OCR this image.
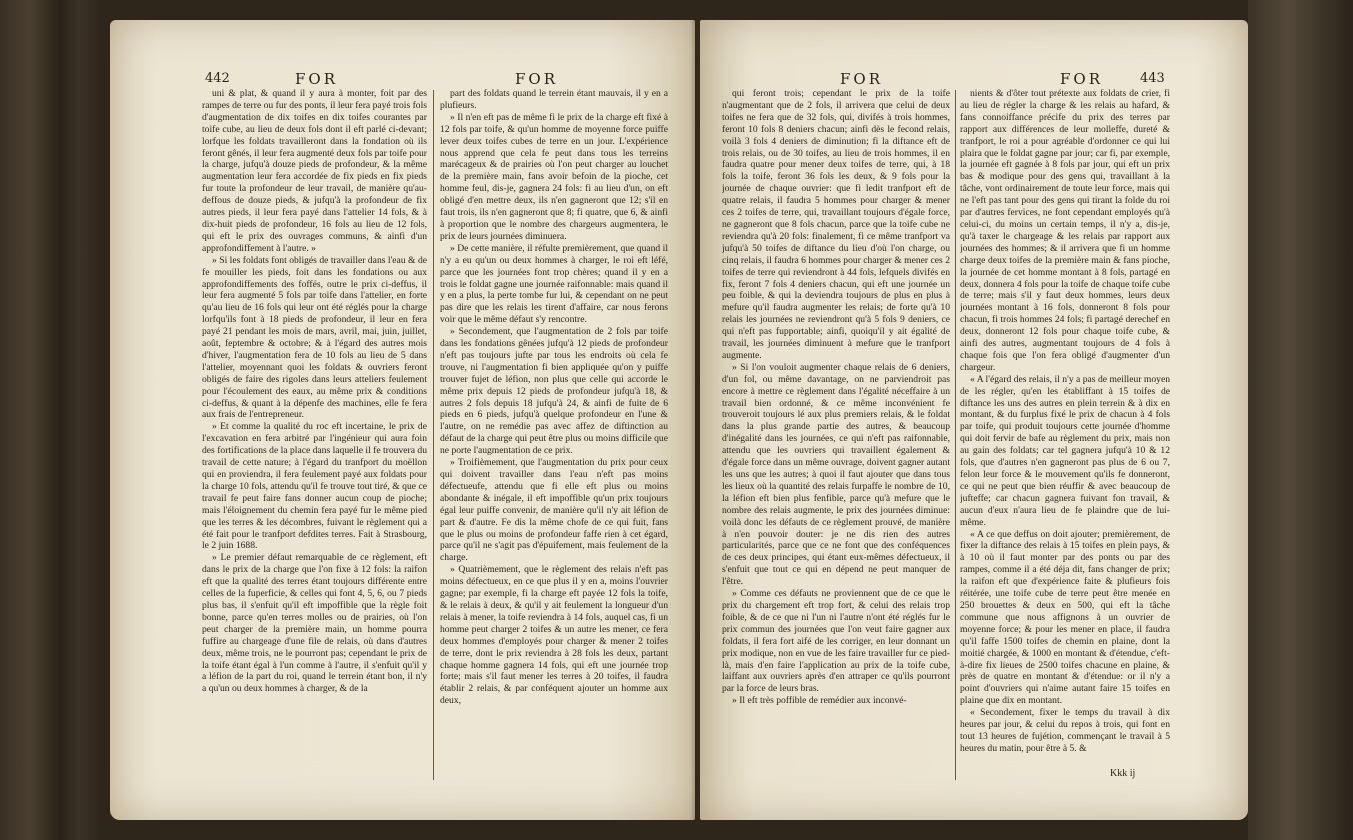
442	FOR	FOR

uni & plat, & quand il y aura à monter, foit par des rampes de terre ou fur des ponts, il leur fera payé trois fols d'augmentation de dix toifes en dix toifes courantes par toife cube, au lieu de deux fols dont il eft parlé ci-devant; lorfque les foldats travailleront dans la fondation où ils feront gênés, il leur fera augmenté deux fols par toife pour la charge, jufqu'à douze pieds de profondeur, & la même augmentation leur fera accordée de fix pieds en fix pieds fur toute la profondeur de leur travail, de manière qu'au-deffous de douze pieds, & jufqu'à la profondeur de fix autres pieds, il leur fera payé dans l'attelier 14 fols, & à dix-huit pieds de profondeur, 16 fols au lieu de 12 fols, qui eft le prix des ouvrages communs, & ainfi d'un approfondiffement à l'autre. »

» Si les foldats font obligés de travailler dans l'eau & de fe mouiller les pieds, foit dans les fondations ou aux approfondiffements des foffés, outre le prix ci-deffus, il leur fera augmenté 5 fols par toife dans l'attelier, en forte qu'au lieu de 16 fols qui leur ont été réglés pour la charge lorfqu'ils font à 18 pieds de profondeur, il leur en fera payé 21 pendant les mois de mars, avril, mai, juin, juillet, août, feptembre & octobre; & à l'égard des autres mois d'hiver, l'augmentation fera de 10 fols au lieu de 5 dans l'attelier, moyennant quoi les foldats & ouvriers feront obligés de faire des rigoles dans leurs atteliers feulement pour l'écoulement des eaux, au même prix & conditions ci-deffus, & quant à la dépenfe des machines, elle fe fera aux frais de l'entrepreneur.

» Et comme la qualité du roc eft incertaine, le prix de l'excavation en fera arbitré par l'ingénieur qui aura foin des fortifications de la place dans laquelle il fe trouvera du travail de cette nature; à l'égard du tranfport du moëllon qui en proviendra, il fera feulement payé aux foldats pour la charge 10 fols, attendu qu'il fe trouve tout tiré, & que ce travail fe peut faire fans donner aucun coup de pioche; mais l'éloignement du chemin fera payé fur le même pied que les terres & les décombres, fuivant le règlement qui a été fait pour le tranfport defdites terres. Fait à Strasbourg, le 2 juin 1688.

» Le premier défaut remarquable de ce règlement, eft dans le prix de la charge que l'on fixe à 12 fols: la raifon eft que la qualité des terres étant toujours différente entre celles de la fuperficie, & celles qui font 4, 5, 6, ou 7 pieds plus bas, il s'enfuit qu'il eft impoffible que la règle foit bonne, parce qu'en terres molles ou de prairies, où l'on peut charger de la première main, un homme pourra fuffire au chargeage d'une file de relais, où dans d'autres deux, même trois, ne le pourront pas; cependant le prix de la toife étant égal à l'un comme à l'autre, il s'enfuit qu'il y a léfion de la part du roi, quand le terrein étant bon, il n'y a qu'un ou deux hommes à charger, & de la

part des foldats quand le terrein étant mauvais, il y en a plufieurs.

» Il n'en eft pas de même fi le prix de la charge eft fixé à 12 fols par toife, & qu'un homme de moyenne force puiffe lever deux toifes cubes de terre en un jour. L'expérience nous apprend que cela fe peut dans tous les terreins marécageux & de prairies où l'on peut charger au louchet de la première main, fans avoir befoin de la pioche, cet homme feul, dis-je, gagnera 24 fols: fi au lieu d'un, on eft obligé d'en mettre deux, ils n'en gagneront que 12; s'il en faut trois, ils n'en gagneront que 8; fi quatre, que 6, & ainfi à proportion que le nombre des chargeurs augmentera, le prix de leurs journées diminuera.

» De cette manière, il réfulte premièrement, que quand il n'y a eu qu'un ou deux hommes à charger, le roi eft léfé, parce que les journées font trop chères; quand il y en a trois le foldat gagne une journée raifonnable: mais quand il y en a plus, la perte tombe fur lui, & cependant on ne peut pas dire que les relais les tirent d'affaire, car nous ferons voir que le même défaut s'y rencontre.

» Secondement, que l'augmentation de 2 fols par toife dans les fondations gênées jufqu'à 12 pieds de profondeur n'eft pas toujours jufte par tous les endroits où cela fe trouve, ni l'augmentation fi bien appliquée qu'on y puiffe trouver fujet de léfion, non plus que celle qui accorde le même prix depuis 12 pieds de profondeur jufqu'à 18, & autres 2 fols depuis 18 jufqu'à 24, & ainfi de fuite de 6 pieds en 6 pieds, jufqu'à quelque profondeur en l'une & l'autre, on ne remédie pas avec affez de diftinction au défaut de la charge qui peut être plus ou moins difficile que ne porte l'augmentation de ce prix.

» Troifièmement, que l'augmentation du prix pour ceux qui doivent travailler dans l'eau n'eft pas moins défectueufe, attendu que fi elle eft plus ou moins abondante & inégale, il eft impoffible qu'un prix toujours égal leur puiffe convenir, de manière qu'il n'y ait léfion de part & d'autre. Fe dis la même chofe de ce qui fuit, fans que le plus ou moins de profondeur faffe rien à cet égard, parce qu'il ne s'agit pas d'épuifement, mais feulement de la charge.

» Quatrièmement, que le règlement des relais n'eft pas moins défectueux, en ce que plus il y en a, moins l'ouvrier gagne; par exemple, fi la charge eft payée 12 fols la toife, & le relais à deux, & qu'il y ait feulement la longueur d'un relais à mener, la toife reviendra à 14 fols, auquel cas, fi un homme peut charger 2 toifes & un autre les mener, ce fera deux hommes d'employés pour charger & mener 2 toifes de terre, dont le prix reviendra à 28 fols les deux, partant chaque homme gagnera 14 fols, qui eft une journée trop forte; mais s'il faut mener les terres à 20 toifes, il faudra établir 2 relais, & par conféquent ajouter un homme aux deux,

FOR	FOR	443

qui feront trois; cependant le prix de la toife n'augmentant que de 2 fols, il arrivera que celui de deux toifes ne fera que de 32 fols, qui, divifés à trois hommes, feront 10 fols 8 deniers chacun; ainfi dès le fecond relais, voilà 3 fols 4 deniers de diminution; fi la diftance eft de trois relais, ou de 30 toifes, au lieu de trois hommes, il en faudra quatre pour mener deux toifes de terre, qui, à 18 fols la toife, feront 36 fols les deux, & 9 fols pour la journée de chaque ouvrier: que fi ledit tranfport eft de quatre relais, il faudra 5 hommes pour charger & mener ces 2 toifes de terre, qui, travaillant toujours d'égale force, ne gagneront que 8 fols chacun, parce que la toife cube ne reviendra qu'à 20 fols: finalement, fi ce même tranfport va jufqu'à 50 toifes de diftance du lieu d'où l'on charge, ou cinq relais, il faudra 6 hommes pour charger & mener ces 2 toifes de terre qui reviendront à 44 fols, lefquels divifés en fix, feront 7 fols 4 deniers chacun, qui eft une journée un peu foible, & qui la deviendra toujours de plus en plus à mefure qu'il faudra augmenter les relais; de forte qu'à 10 relais les journées ne reviendront qu'à 5 fols 9 deniers, ce qui n'eft pas fupportable; ainfi, quoiqu'il y ait égalité de travail, les journées diminuent à mefure que le tranfport augmente.

» Si l'on vouloit augmenter chaque relais de 6 deniers, d'un fol, ou même davantage, on ne parviendroit pas encore à mettre ce règlement dans l'égalité néceffaire à un travail bien ordonné, & ce même inconvénient fe trouveroit toujours lé aux plus premiers relais, & le foldat dans la plus grande partie des autres, & beaucoup d'inégalité dans les journées, ce qui n'eft pas raifonnable, attendu que les ouvriers qui travaillent également & d'égale force dans un même ouvrage, doivent gagner autant les uns que les autres; à quoi il faut ajouter que dans tous les lieux où la quantité des relais furpaffe le nombre de 10, la léfion eft bien plus fenfible, parce qu'à mefure que le nombre des relais augmente, le prix des journées diminue: voilà donc les défauts de ce règlement prouvé, de manière à n'en pouvoir douter: je ne dis rien des autres particularités, parce que ce ne font que des conféquences de ces deux principes, qui étant eux-mêmes défectueux, il s'enfuit que tout ce qui en dépend ne peut manquer de l'être.

» Comme ces défauts ne proviennent que de ce que le prix du chargement eft trop fort, & celui des relais trop foible, & de ce que ni l'un ni l'autre n'ont été réglés fur le prix commun des journées que l'on veut faire gagner aux foldats, il fera fort aifé de les corriger, en leur donnant un prix modique, non en vue de les faire travailler fur ce pied-là, mais d'en faire l'application au prix de la toife cube, laiffant aux ouvriers après d'en attraper ce qu'ils pourront par la force de leurs bras.

» Il eft très poffible de remédier aux inconvé-

nients & d'ôter tout prétexte aux foldats de crier, fi au lieu de régler la charge & les relais au hafard, & fans connoiffance précife du prix des terres par rapport aux différences de leur molleffe, dureté & tranfport, le roi a pour agréable d'ordonner ce qui lui plaira que le foldat gagne par jour; car fi, par exemple, la journée eft gagnée à 8 fols par jour, qui eft un prix bas & modique pour des gens qui, travaillant à la tâche, vont ordinairement de toute leur force, mais qui ne l'eft pas tant pour des gens qui tirant la folde du roi par d'autres fervices, ne font cependant employés qu'à celui-ci, du moins un certain temps, il n'y a, dis-je, qu'à taxer le chargeage & les relais par rapport aux journées des hommes; & il arrivera que fi un homme charge deux toifes de la première main & fans pioche, la journée de cet homme montant à 8 fols, partagé en deux, donnera 4 fols pour la toife de chaque toife cube de terre; mais s'il y faut deux hommes, leurs deux journées montant à 16 fols, donneront 8 fols pour chacun, fi trois hommes 24 fols; fi partagé derechef en deux, donneront 12 fols pour chaque toife cube, & ainfi des autres, augmentant toujours de 4 fols à chaque fois que l'on fera obligé d'augmenter d'un chargeur.

« A l'égard des relais, il n'y a pas de meilleur moyen de les régler, qu'en les établiffant à 15 toifes de diftance les uns des autres en plein terrein & à dix en montant, & du furplus fixé le prix de chacun à 4 fols par toife, qui produit toujours cette journée d'homme qui doit fervir de bafe au règlement du prix, mais non au gain des foldats; car tel gagnera jufqu'à 10 & 12 fols, que d'autres n'en gagneront pas plus de 6 ou 7, felon leur force & le mouvement qu'ils fe donneront, ce qui ne peut que bien réuffir & avec beaucoup de jufteffe; car chacun gagnera fuivant fon travail, & aucun d'eux n'aura lieu de fe plaindre que de lui-même.

« A ce que deffus on doit ajouter; premièrement, de fixer la diftance des relais à 15 toifes en plein pays, & à 10 où il faut monter par des ponts ou par des rampes, comme il a été déja dit, fans changer de prix; la raifon eft que d'expérience faite & plufieurs fois réitérée, une toife cube de terre peut être menée en 250 brouettes & deux en 500, qui eft la tâche commune que nous affignons à un ouvrier de moyenne force; & pour les mener en place, il faudra qu'il faffe 1500 toifes de chemin en plaine, dont la moitié chargée, & 1000 en montant & d'étendue, c'eft-à-dire fix lieues de 2500 toifes chacune en plaine, & près de quatre en montant & d'étendue: or il n'y a point d'ouvriers qui n'aime autant faire 15 toifes en plaine que dix en montant.

« Secondement, fixer le temps du travail à dix heures par jour, & celui du repos à trois, qui font en tout 13 heures de fujétion, commençant le travail à 5 heures du matin, pour être à 5. &

Kkk ij
